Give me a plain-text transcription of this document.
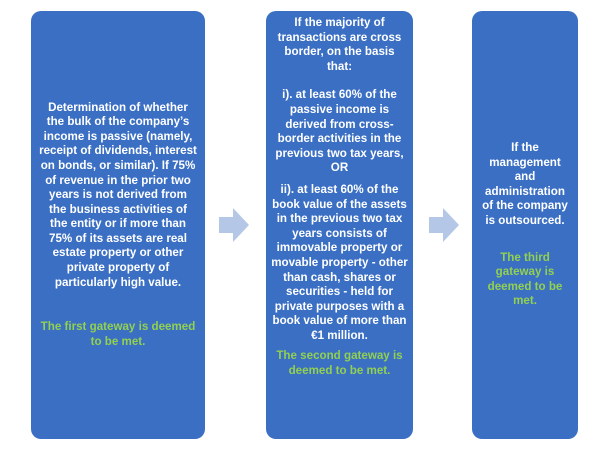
Determination of whether the bulk of the company’s income is passive (namely, receipt of dividends, interest on bonds, or similar). If 75% of revenue in the prior two years is not derived from the business activities of the entity or if more than 75% of its assets are real estate property or other private property of particularly high value.

The first gateway is deemed to be met.

If the majority of transactions are cross border, on the basis that:

i). at least 60% of the passive income is derived from cross-border activities in the previous two tax years, OR

ii). at least 60% of the book value of the assets in the previous two tax years consists of immovable property or movable property - other than cash, shares or securities - held for private purposes with a book value of more than €1 million.

The second gateway is deemed to be met.

If the management and administration of the company is outsourced.

The third gateway is deemed to be met.
